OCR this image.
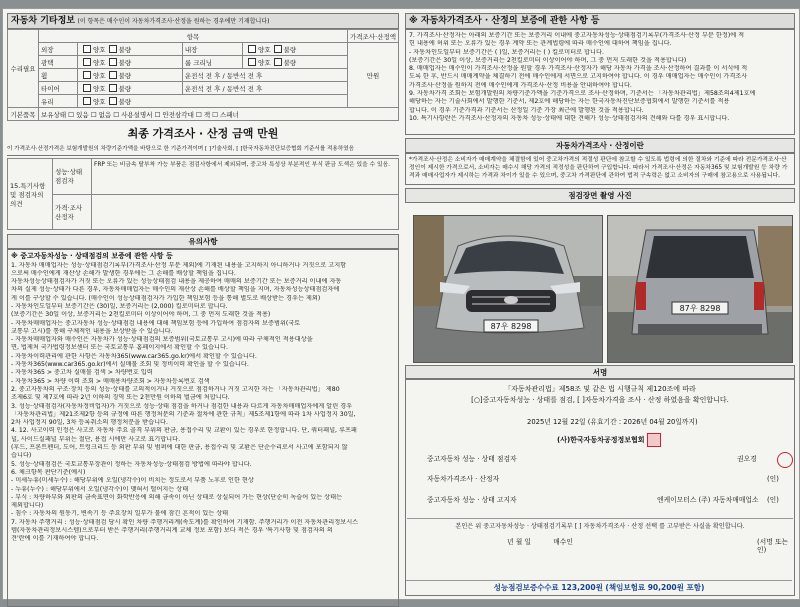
자동차 기타정보 (이 항목은 매수인이 자동차가격조사·산정을 원하는 경우에만 기재합니다)
수리필요	항목				가격조사·산정액
	외장	양호 불량	내장	양호 불량	만원
	광택	양호 불량	룸 크리닝	양호 불량	
	휠	양호 불량	운전석 전 후 / 동반석 전 후		
	타이어	양호 불량	운전석 전 후 / 동반석 전 후		
	유리	양호 불량			
기본품목	보유상태 ☐ 있음 ☐ 없음 ☐ 사용설명서 ☐ 안전삼각대 ☐ 잭 ☐ 스패너				
최종 가격조사 · 산정 금액 만원
이 가격조사·산정가격은 보험개발원의 차량기준가액을 바탕으로 한 기준가격이며 [ ]기술사회, [ ]한국자동차진단보증협회 기준서를 적용하였음
15.특기사항 및 점검자의 의견	성능·상태 점검자	FRP 또는 비금속 탈부착 가능 부품은 점검사항에서 제외되며, 중고차 특성상 부분적인 부식 판금 도색은 있을 수 있음.
	가격·조사 산정자	
유의사항
※ 중고자동차성능 · 상태점검의 보증에 관한 사항 등

1. 자동차 매매업자는 성능·상태점검기록부(가격조사·산정 부분 제외)에 기재된 내용을 고지하지 아니하거나 거짓으로 고지함

으로써 매수인에게 재산상 손해가 발생한 경우에는 그 손해를 배상할 책임을 집니다.

자동차성능상태점검자가 거짓 또는 오류가 있는 성능상태점검 내용을 제공하여 매매의 보증기간 또는 보증거리 이내에 자동

차의 실제 성능·상태가 다른 경우, 자동차매매업자는 매수인의 재산상 손해를 배상할 책임을 지며, 자동차성능상태점검자에

게 이를 구상할 수 있습니다. (매수인이 성능상태점검자가 가입한 책임보험 등을 통해 별도로 배상받는 경우는 제외)

- 자동차인도일부터 보증기간은 (30)일, 보증거리는 (2,000) 킬로미터로 합니다.

(보증기간은 30일 이상, 보증거리는 2천킬로미터 이상이어야 하며, 그 중 먼저 도래한 것을 적용)

- 자동차매매업자는 중고자동차 성능·상태점검 내용에 대해 책임보험 등에 가입하여 점검자의 보증범위(국토

교통부 고시)를 통해 구체적인 내용을 보상받을 수 있습니다.

- 자동차매매업자와 매수인은 자동차가 성능·상태점검의 보증범위(국토교통부 고시)에 따라 구체적인 적용대상을

면, 법제처 국가법령정보센터 또는 국토교통부 홈페이지에서 확인할 수 있습니다.

- 자동차이력관리에 관한 사항은 자동차365(www.car365.go.kr)에서 확인할 수 있습니다.

- 자동차365(www.car365.go.kr)에서 실매물 조회 및 정비이력 확인을 할 수 있습니다.

- 자동차365 > 중고차 실매물 검색 > 차량번호 입력

- 자동차365 > 차량 이력 조회 > 매매용차량조회 > 자동차등록번호 검색

2. 중고자동차의 구조·장치 등의 성능·상태를 고의적이거나 거짓으로 점검하거나 거짓 고지한 자는 「자동차관리법」 제80

조제6호 및 제7호에 따라 2년 이하의 징역 또는 2천만원 이하의 벌금에 처합니다.

3. 성능·상태점검자(자동차정비업자)가 거짓으로 성능·상태 점검을 하거나 점검한 내용과 다르게 자동차매매업자에게 알린 경우

「자동차관리법」제21조제2항 등의 규정에 따른 행정처분의 기준과 절차에 관한 규칙」제5조제1항에 따라 1차 사업정지 30일,

2차 사업정지 90일, 3차 등록취소의 행정처분을 받습니다.

4. 12. 사고이력 인정은 사고로 자동차 주요 골격 부위의 판금, 용접수리 및 교환이 있는 경우로 한정합니다. 단, 쿼터패널, 루프패

널, 사이드실패널 부위는 절단, 용접 시에만 사고로 표기합니다.

(후드, 프론트펜더, 도어, 트렁크리드 등 외판 부위 및 범퍼에 대한 판금, 용접수리 및 교환은 단순수리로서 사고에 포함되지 않

습니다)

5. 성능·상태점검은 국토교통부장관이 정하는 자동차성능·상태점검 방법에 따라야 합니다.

6. 체크항목 판단기준(예시)

- 미세누유(미세누수) : 해당부위에 오일(냉각수)이 비치는 정도로서 부품 노후로 인한 현상

- 누유(누수) : 해당부위에서 오일(냉각수)이 맺혀서 떨어지는 상태

- 부식 : 차량하부와 외판의 금속표면이 화학반응에 의해 금속이 아닌 상태로 상실되어 가는 현상(단순히 녹슬어 있는 상태는

제외합니다)

- 침수 : 자동차의 원동기, 변속기 등 주요장치 일부가 물에 잠긴 흔적이 있는 상태

7. 자동차 주행거리 : 성능·상태점검 당시 확인 차량 주행거리계(속도계)를 확인하여 기재함. 주행거리가 이전 자동차관리정보시스

템(자동차관리정보시스템)으로부터 받은 주행거리(주행거리계 교체 정보 포함) 보다 적은 경우 '특기사항 및 점검자의 의

견'란에 이를 기재하여야 합니다.

※ 자동차가격조사 · 산정의 보증에 관한 사항 등

7. 가격조사·산정자는 아래의 보증기간 또는 보증거리 이내에 중고자동차성능·상태점검기록부(가격조사·산정 부분 한정)에 적

힌 내용에 허위 또는 오류가 있는 경우 계약 또는 관계법령에 따라 매수인에 대하여 책임을 집니다.

- 자동차인도일부터 보증기간은 ( )일, 보증거리는 ( ) 킬로미터로 합니다.

(보증기간은 30일 이상, 보증거리는 2천킬로미터 이상이어야 하며, 그 중 먼저 도래한 것을 적용합니다)

8. 매매업자는 매수인이 가격조사·산정을 원할 경우 가격조사·산정자가 해당 자동차 가격을 조사·산정하여 결과를 이 서식에 적

도록 한 후, 반드시 매매계약을 체결하기 전에 매수인에게 서면으로 고지하여야 합니다. 이 경우 매매업자는 매수인이 가격조사

가격조사·산정을 원하지 전에 매수인에게 가격조사·산정 비용을 안내하여야 합니다.

9. 자동차가격 조회는 보험개발원의 차량기준가액을 기준가격으로 조사·산정하며, 기준서는 「자동차관리법」제58조의4제1호에

해당하는 자는 기술사회에서 발행한 기준서, 제2호에 해당하는 자는 한국자동차진단보증협회에서 발행한 기준서를 적용

합니다. 이 경우 기준가격과 기준서는 산정일 기준 가장 최근에 발행된 것을 적용합니다.

10. 특기사항란은 가격조사·산정자의 자동차 성능·상태에 대한 견해가 성능·상태점검자의 견해와 다를 경우 표시합니다.

자동차가격조사 · 산정이란
*가격조사·산정은 소비자가 매매계약을 체결함에 있어 중고차가격의 적절성 판단에 참고할 수 있도록 법령에 의한 절차와 기준에 따라 전문가격조사·산정인이 제시한 가격으로서, 소비자는 매수시 해당 가격의 적정성을 판단하여 구입합니다. 따라서 가격조사·산정은 자동차365 및 보험개발원 등 차량 가격과 매매사업자가 제시하는 가격과 차이가 있을 수 있으며, 중고차 가격판단에 관하여 법적 구속력은 없고 소비자의 구매에 참고용으로 사용됩니다.
점검장면 촬영 사진
87우 8298
87우 8298
서명
「자동차관리법」제58조 및 같은 법 시행규칙 제120조에 따라
[○]중고자동차성능 · 상태를 점검, [ ]자동차가격을 조사 · 산정 하였음을 확인합니다.
2025년 12월 22일 (유효기간 : 2026년 04월 20일까지)
(사)한국자동차공정정보협회
중고자동차 성능 · 상태 점검자	권오경
자동차가격조사 · 산정자	(인)
중고자동차 성능 · 상태 고지자	엔케이모터스 (주) 자동차매매업소 (인)
본인은 위 중고자동차성능 · 상태점검기록부 [ ] 자동차가격조사 · 산정 선택 를 고부받은 사실을 확인합니다.
년 월 일	매수인	(서명 또는 인)
성능점검보증수수료 123,200원 (책임보험료 90,200원 포함)
